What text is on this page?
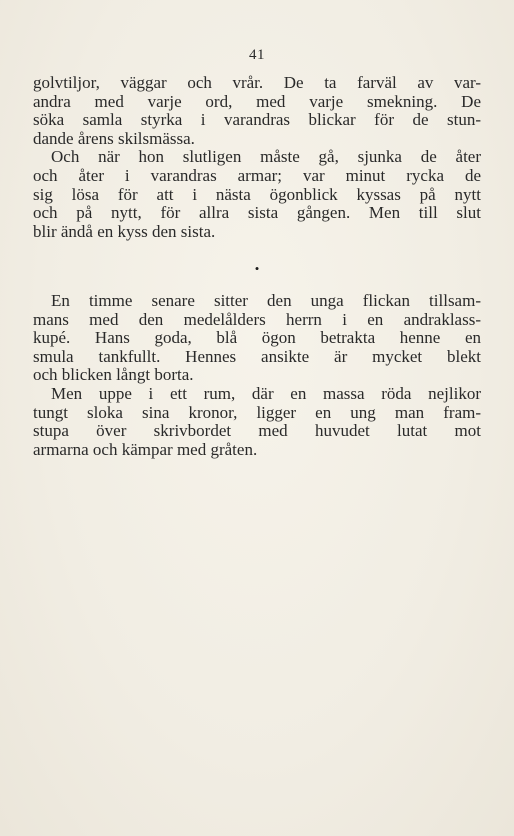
41

golvtiljor, väggar och vrår. De ta farväl av var-
andra med varje ord, med varje smekning. De
söka samla styrka i varandras blickar för de stun-
dande årens skilsmässa.

Och när hon slutligen måste gå, sjunka de åter
och åter i varandras armar; var minut rycka de
sig lösa för att i nästa ögonblick kyssas på nytt
och på nytt, för allra sista gången. Men till slut
blir ändå en kyss den sista.

•

En timme senare sitter den unga flickan tillsam-
mans med den medelålders herrn i en andraklass-
kupé. Hans goda, blå ögon betrakta henne en
smula tankfullt. Hennes ansikte är mycket blekt
och blicken långt borta.

Men uppe i ett rum, där en massa röda nejlikor
tungt sloka sina kronor, ligger en ung man fram-
stupa över skrivbordet med huvudet lutat mot
armarna och kämpar med gråten.
